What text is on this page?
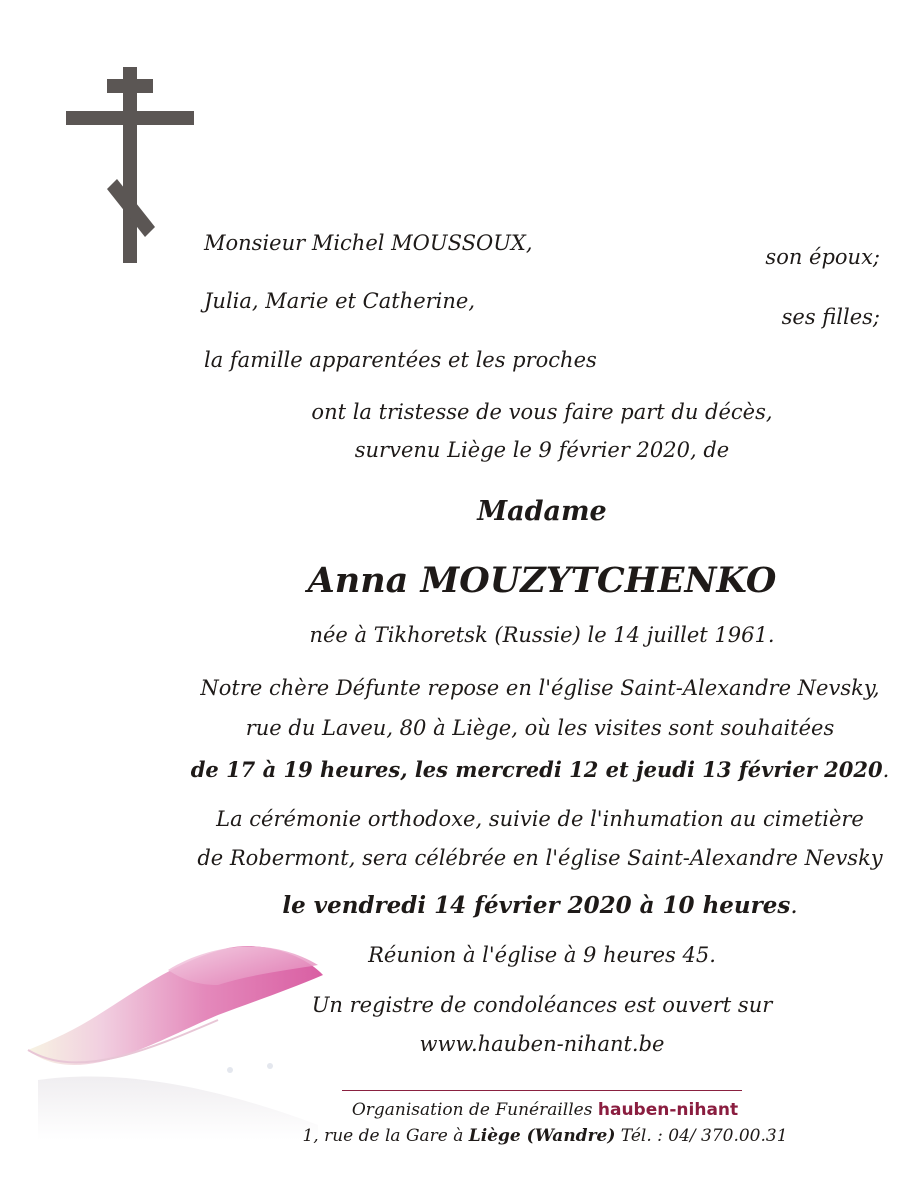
Monsieur Michel MOUSSOUX,
son époux;
Julia, Marie et Catherine,
ses filles;
la famille apparentées et les proches
ont la tristesse de vous faire part du décès,
survenu Liège le 9 février 2020, de
Madame
Anna MOUZYTCHENKO
née à Tikhoretsk (Russie) le 14 juillet 1961.
Notre chère Défunte repose en l'église Saint-Alexandre Nevsky,
rue du Laveu, 80 à Liège, où les visites sont souhaitées
de 17 à 19 heures, les mercredi 12 et jeudi 13 février 2020.
La cérémonie orthodoxe, suivie de l'inhumation au cimetière
de Robermont, sera célébrée en l'église Saint-Alexandre Nevsky
le vendredi 14 février 2020 à 10 heures.
Réunion à l'église à 9 heures 45.
Un registre de condoléances est ouvert sur
www.hauben-nihant.be
Organisation de Funérailles hauben-nihant
1, rue de la Gare à Liège (Wandre) Tél. : 04/ 370.00.31
